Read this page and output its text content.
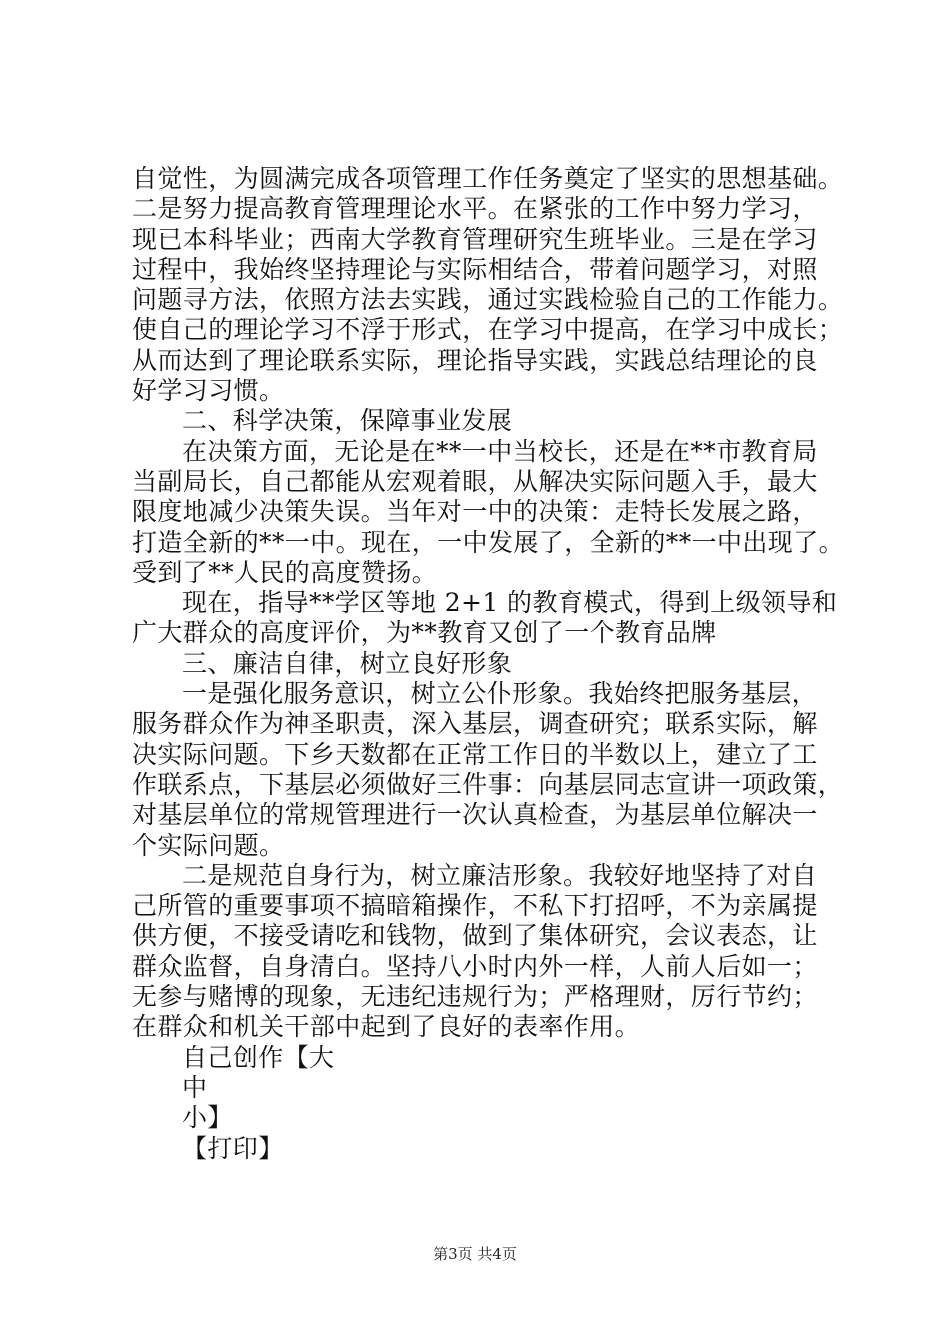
自觉性，为圆满完成各项管理工作任务奠定了坚实的思想基础。
二是努力提高教育管理理论水平。在紧张的工作中努力学习，
现已本科毕业；西南大学教育管理研究生班毕业。三是在学习
过程中，我始终坚持理论与实际相结合，带着问题学习，对照
问题寻方法，依照方法去实践，通过实践检验自己的工作能力。
使自己的理论学习不浮于形式，在学习中提高，在学习中成长；
从而达到了理论联系实际，理论指导实践，实践总结理论的良
好学习习惯。
二、科学决策，保障事业发展
在决策方面，无论是在**一中当校长，还是在**市教育局
当副局长，自己都能从宏观着眼，从解决实际问题入手，最大
限度地减少决策失误。当年对一中的决策：走特长发展之路，
打造全新的**一中。现在，一中发展了，全新的**一中出现了。
受到了**人民的高度赞扬。
现在，指导**学区等地 2+1 的教育模式，得到上级领导和
广大群众的高度评价，为**教育又创了一个教育品牌
三、廉洁自律，树立良好形象
一是强化服务意识，树立公仆形象。我始终把服务基层，
服务群众作为神圣职责，深入基层，调查研究；联系实际，解
决实际问题。下乡天数都在正常工作日的半数以上，建立了工
作联系点，下基层必须做好三件事：向基层同志宣讲一项政策，
对基层单位的常规管理进行一次认真检查，为基层单位解决一
个实际问题。
二是规范自身行为，树立廉洁形象。我较好地坚持了对自
己所管的重要事项不搞暗箱操作，不私下打招呼，不为亲属提
供方便，不接受请吃和钱物，做到了集体研究，会议表态，让
群众监督，自身清白。坚持八小时内外一样，人前人后如一；
无参与赌博的现象，无违纪违规行为；严格理财，厉行节约；
在群众和机关干部中起到了良好的表率作用。
自己创作【大
中
小】
【打印】
第3页 共4页
